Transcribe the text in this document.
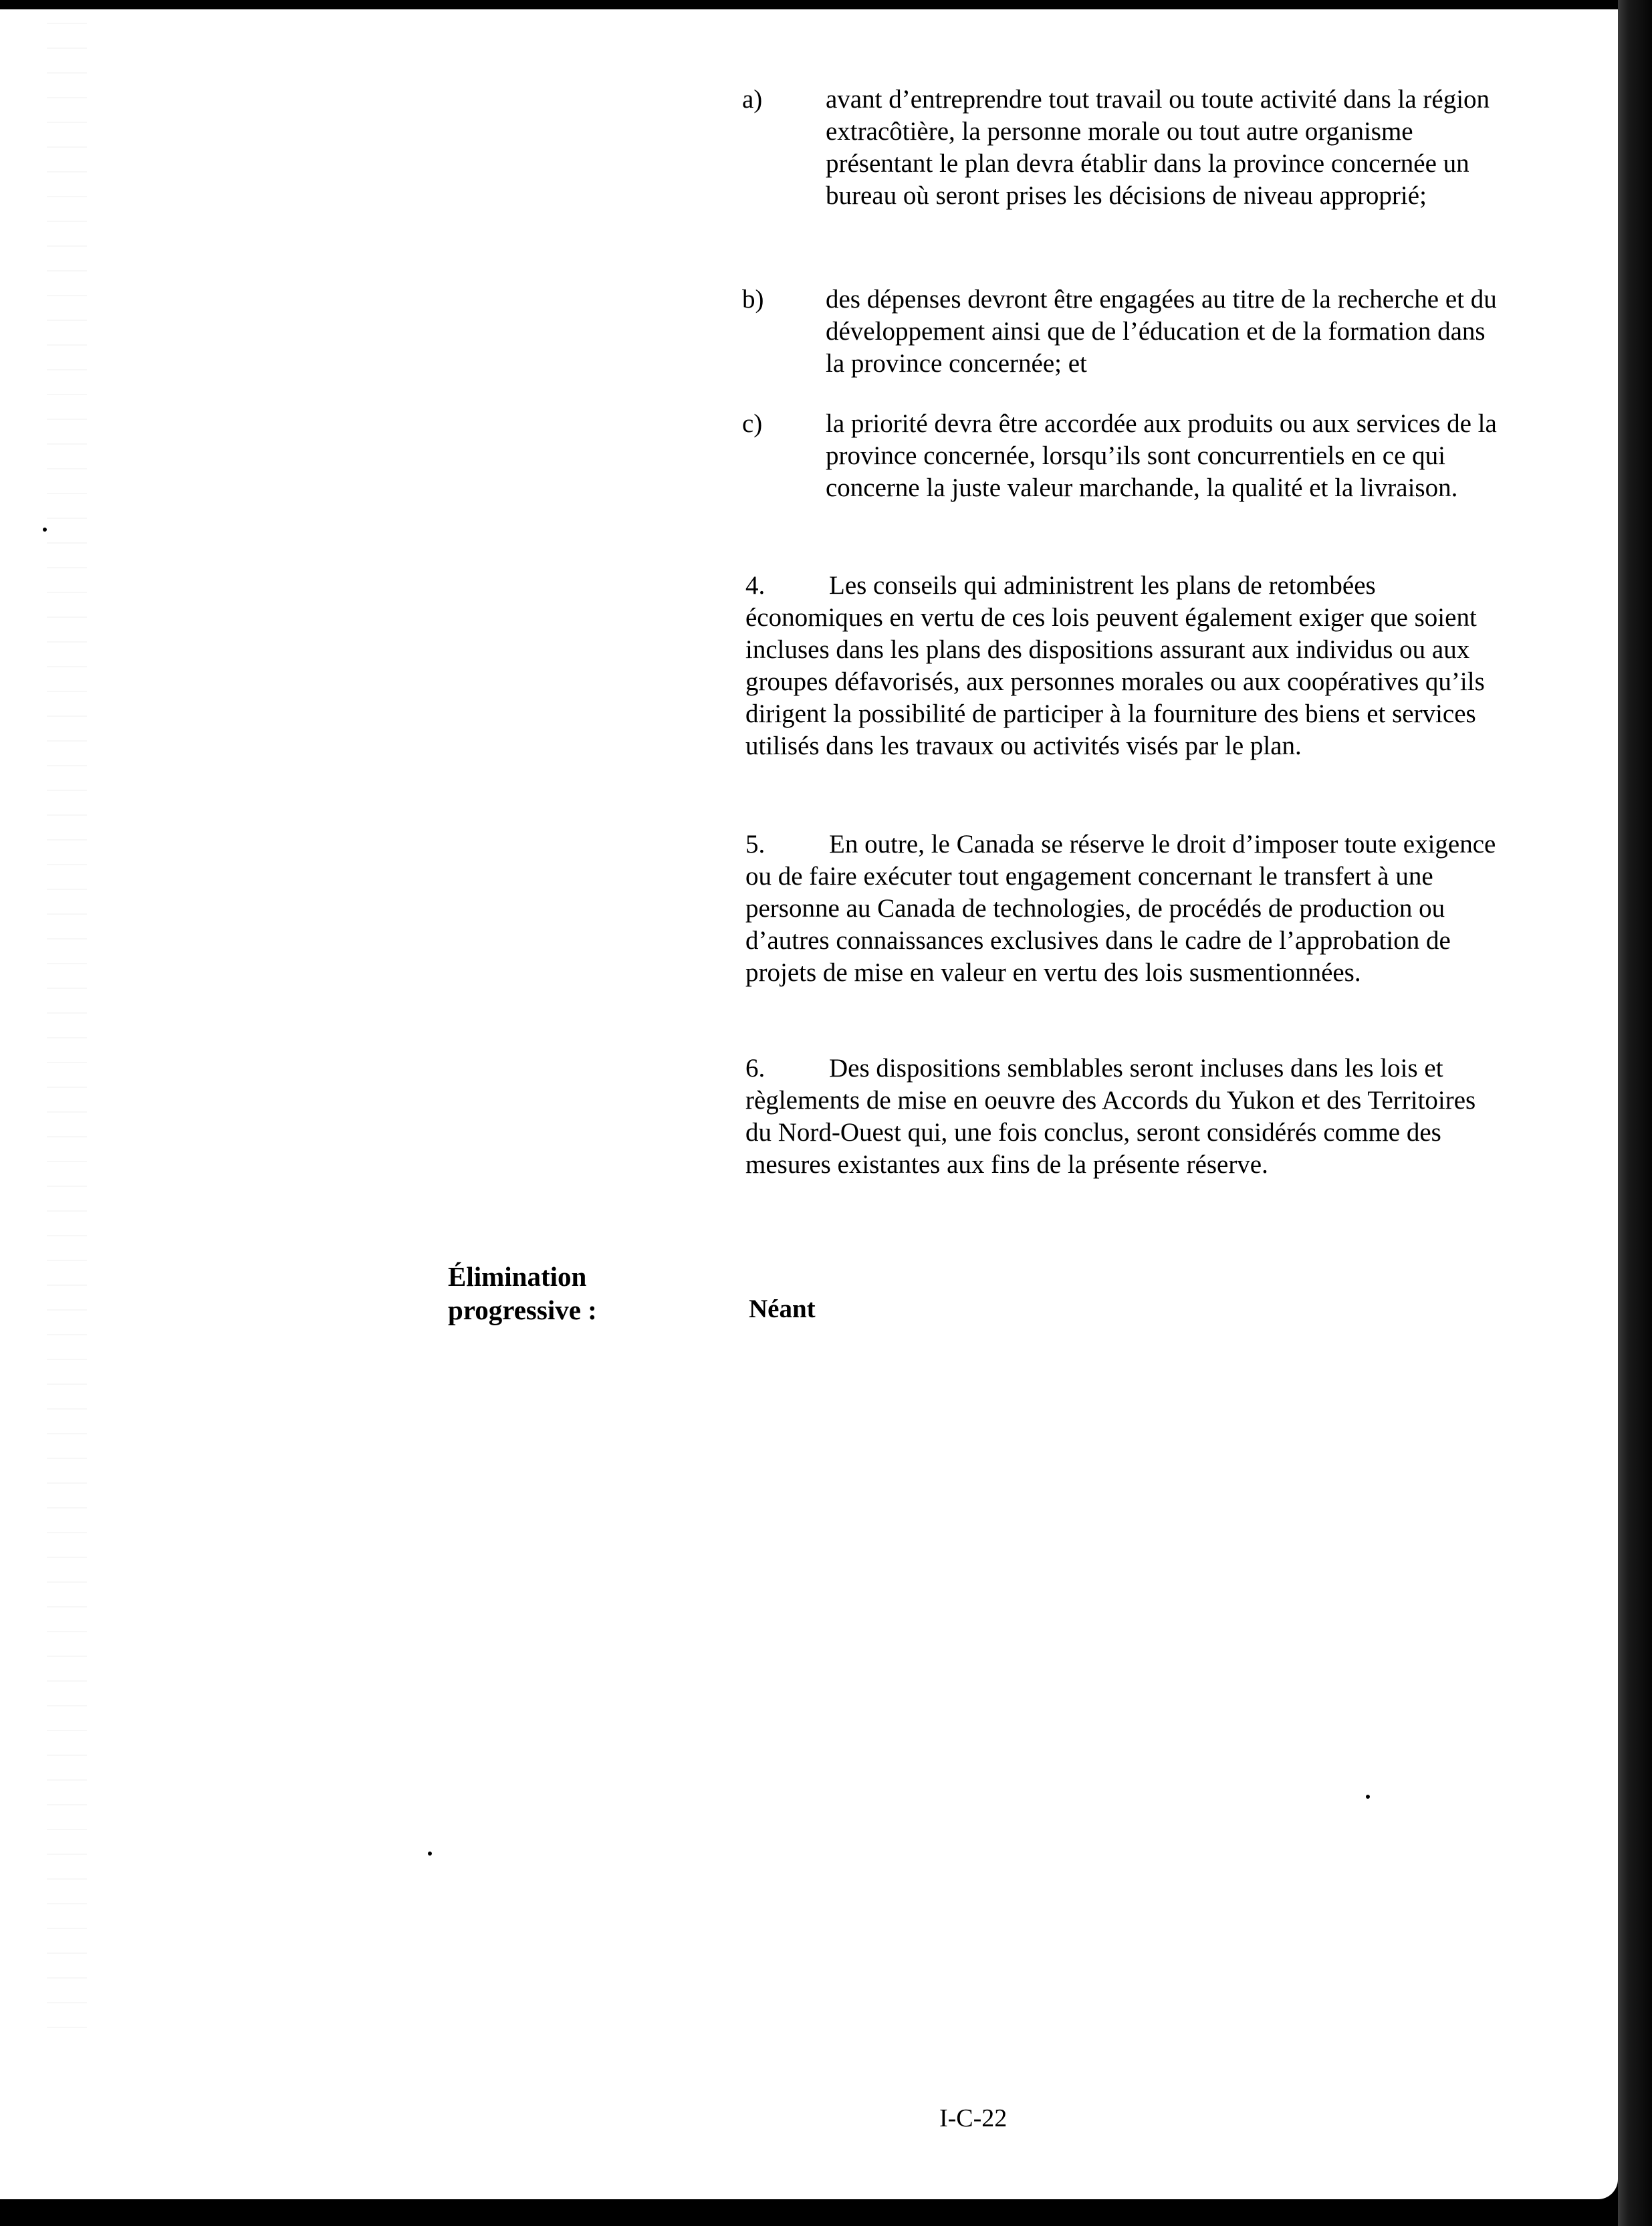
a) avant d’entreprendre tout travail ou toute activité dans la région extracôtière, la personne morale ou tout autre organisme présentant le plan devra établir dans la province concernée un bureau où seront prises les décisions de niveau approprié;

b) des dépenses devront être engagées au titre de la recherche et du développement ainsi que de l’éducation et de la formation dans la province concernée; et

c) la priorité devra être accordée aux produits ou aux services de la province concernée, lorsqu’ils sont concurrentiels en ce qui concerne la juste valeur marchande, la qualité et la livraison.

4. Les conseils qui administrent les plans de retombées économiques en vertu de ces lois peuvent également exiger que soient incluses dans les plans des dispositions assurant aux individus ou aux groupes défavorisés, aux personnes morales ou aux coopératives qu’ils dirigent la possibilité de participer à la fourniture des biens et services utilisés dans les travaux ou activités visés par le plan.

5. En outre, le Canada se réserve le droit d’imposer toute exigence ou de faire exécuter tout engagement concernant le transfert à une personne au Canada de technologies, de procédés de production ou d’autres connaissances exclusives dans le cadre de l’approbation de projets de mise en valeur en vertu des lois susmentionnées.

6. Des dispositions semblables seront incluses dans les lois et règlements de mise en oeuvre des Accords du Yukon et des Territoires du Nord-Ouest qui, une fois conclus, seront considérés comme des mesures existantes aux fins de la présente réserve.

Élimination
progressive :	Néant
I-C-22
